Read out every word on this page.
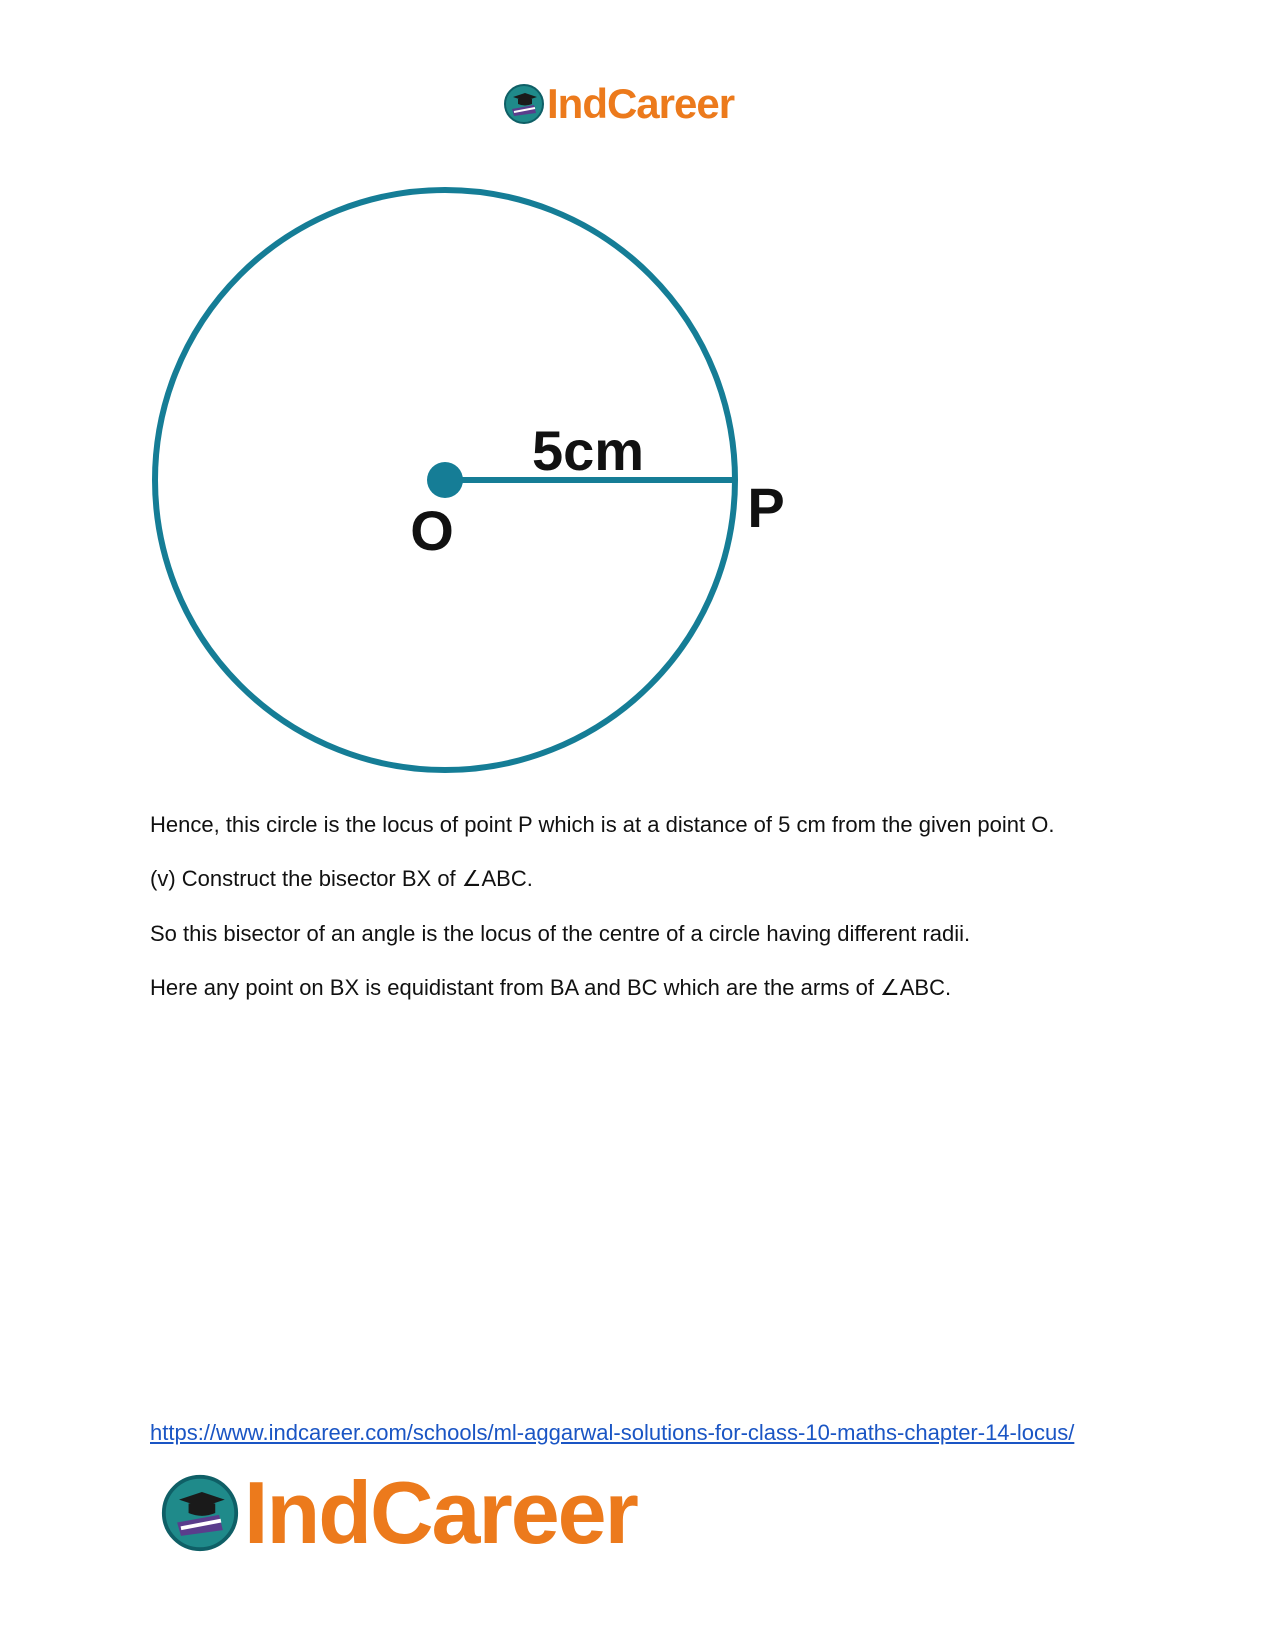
IndCareer
5cm
O	P

Hence, this circle is the locus of point P which is at a distance of 5 cm from the given point O.

(v) Construct the bisector BX of ∠ABC.

So this bisector of an angle is the locus of the centre of a circle having different radii.

Here any point on BX is equidistant from BA and BC which are the arms of ∠ABC.

https://www.indcareer.com/schools/ml-aggarwal-solutions-for-class-10-maths-chapter-14-locus/
IndCareer
